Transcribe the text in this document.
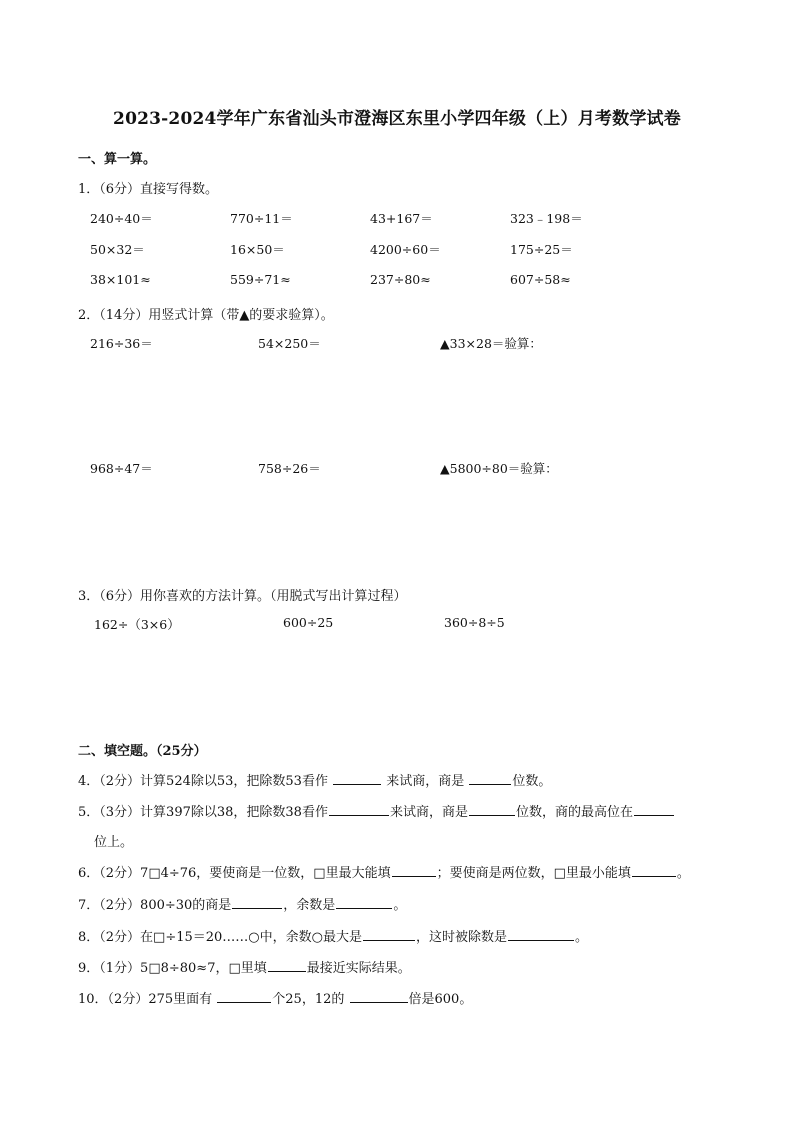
2023-2024学年广东省汕头市澄海区东里小学四年级（上）月考数学试卷
一、算一算。
1．（6分）直接写得数。
240÷40＝	770÷11＝	43+167＝	323﹣198＝
50×32＝	16×50＝	4200÷60＝	175÷25＝
38×101≈	559÷71≈	237÷80≈	607÷58≈
2．（14分）用竖式计算（带▲的要求验算）。
216÷36＝	54×250＝	▲33×28＝验算：
968÷47＝	758÷26＝	▲5800÷80＝验算：
3．（6分）用你喜欢的方法计算。（用脱式写出计算过程）
162÷（3×6）	600÷25	360÷8÷5
二、填空题。（25分）
4．（2分）计算524除以53，把除数53看作	来试商，商是	位数。
5．（3分）计算397除以38，把除数38看作	来试商，商是	位数，商的最高位在
位上。
6．（2分）7□4÷76，要使商是一位数，□里最大能填	；要使商是两位数，□里最小能填	。
7．（2分）800÷30的商是	，余数是	。
8．（2分）在□÷15＝20……○中，余数○最大是	，这时被除数是	。
9．（1分）5□8÷80≈7，□里填	最接近实际结果。
10．（2分）275里面有	个25，12的	倍是600。
